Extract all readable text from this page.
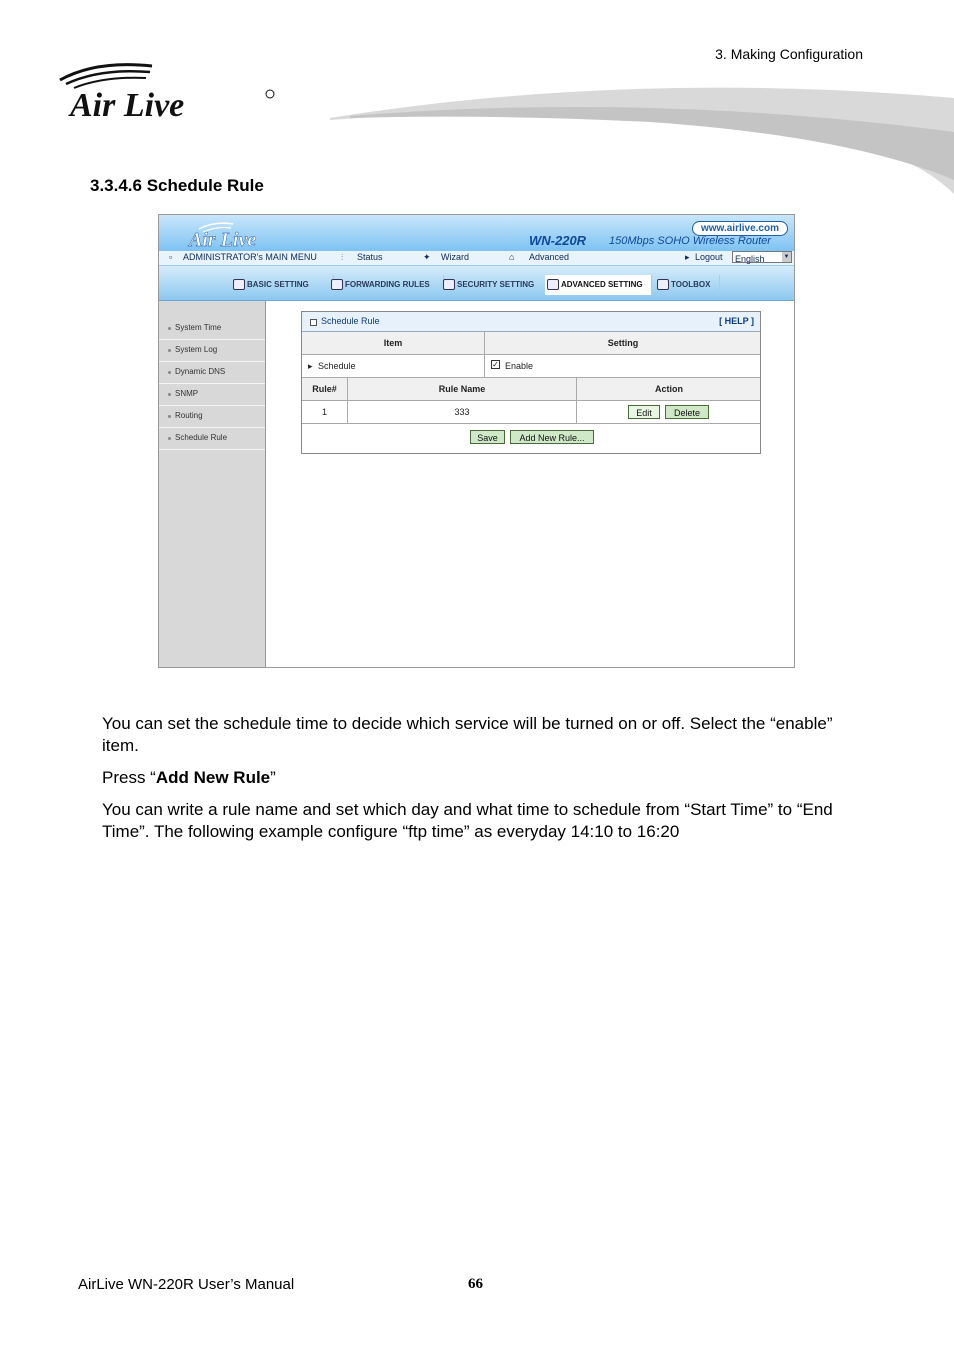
3. Making Configuration
Air Live
3.3.4.6 Schedule Rule
Air Live
www.airlive.com
WN-220R 150Mbps SOHO Wireless Router
▫ ADMINISTRATOR's MAIN MENU	⫶ Status	✦ Wizard	⌂ Advanced	▸ Logout English	▼
BASIC SETTING	FORWARDING RULES	SECURITY SETTING	ADVANCED SETTING	TOOLBOX
System Time
System Log
Dynamic DNS
SNMP
Routing
Schedule Rule
Schedule Rule	[ HELP ]
Item	Setting
▸ Schedule	✓ Enable
Rule#	Rule Name	Action
1	333	Edit	Delete
Save	Add New Rule...
You can set the schedule time to decide which service will be turned on or off. Select the “enable” item.
Press “Add New Rule”
You can write a rule name and set which day and what time to schedule from “Start Time” to “End Time”. The following example configure “ftp time” as everyday 14:10 to 16:20
AirLive WN-220R User’s Manual	66
